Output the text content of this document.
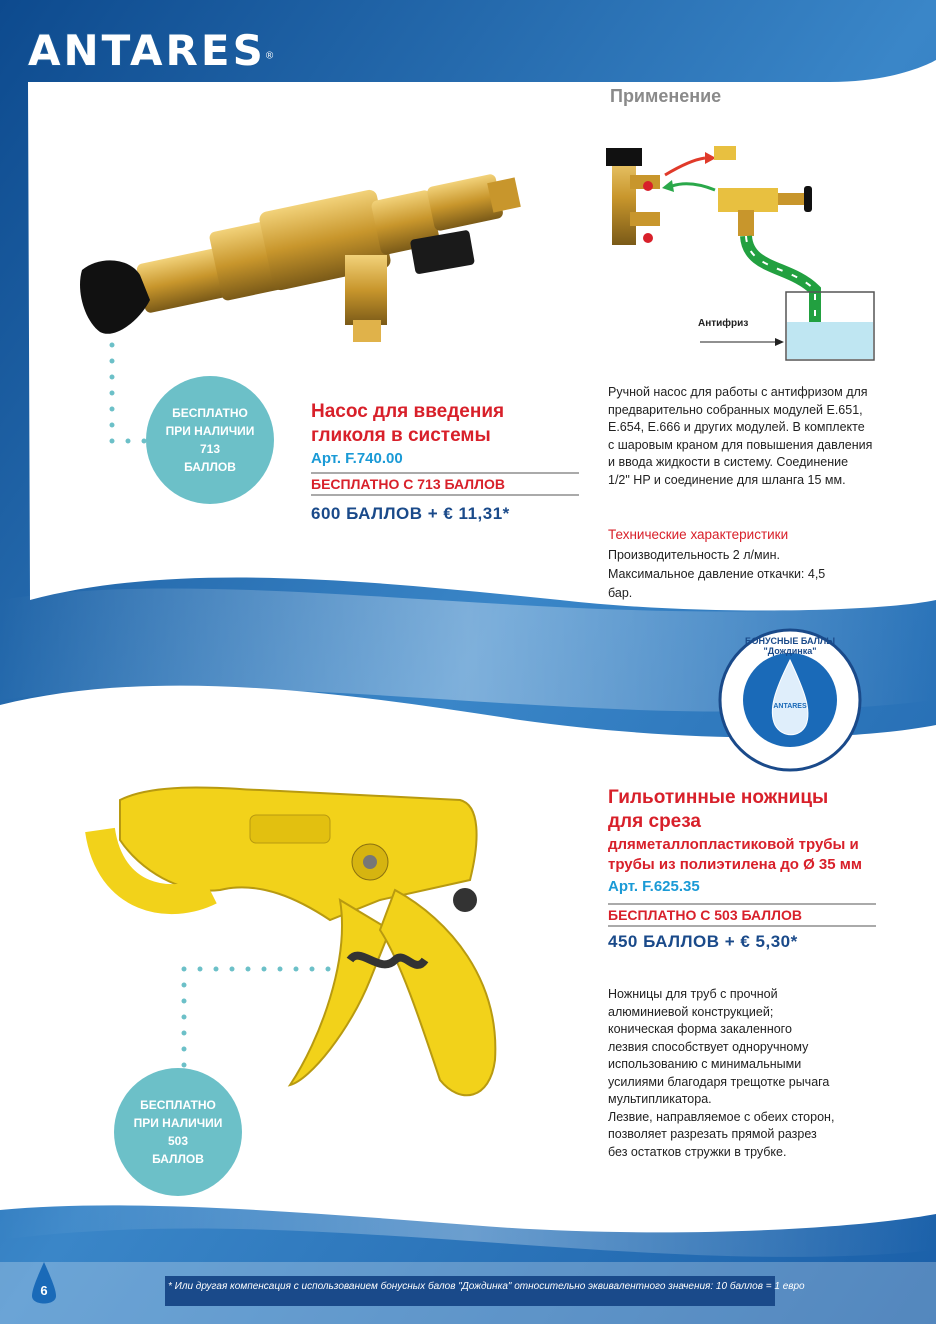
ANTARES®
Применение
Антифриз
БЕСПЛАТНО
ПРИ НАЛИЧИИ
713
БАЛЛОВ
Насос для введения
гликоля в системы
Арт. F.740.00
БЕСПЛАТНО С 713 БАЛЛОВ
600 БАЛЛОВ + € 11,31*
Ручной насос для работы с антифризом для
предварительно собранных модулей E.651,
E.654, E.666 и других модулей. В комплекте
с шаровым краном для повышения давления
и ввода жидкости в систему. Соединение
1/2" HP и соединение для шланга 15 мм.
Технические характеристики
Производительность 2 л/мин.
Максимальное давление откачки: 4,5
бар.
БОНУСНЫЕ БАЛЛЫ "Дождинка"
ANTARES
Гильотинные ножницы
для среза
дляметаллопластиковой трубы и
трубы из полиэтилена до Ø 35 мм
Арт. F.625.35
БЕСПЛАТНО С 503 БАЛЛОВ
450 БАЛЛОВ + € 5,30*
Ножницы для труб с прочной
алюминиевой конструкцией;
коническая форма закаленного
лезвия способствует одноручному
использованию с минимальными
усилиями благодаря трещотке рычага
мультипликатора.
Лезвие, направляемое с обеих сторон,
позволяет разрезать прямой разрез
без остатков стружки в трубке.
БЕСПЛАТНО
ПРИ НАЛИЧИИ
503
БАЛЛОВ
6	* Или другая компенсация с использованием бонусных балов "Дождинка" относительно эквивалентного значения: 10 баллов = 1 евро
